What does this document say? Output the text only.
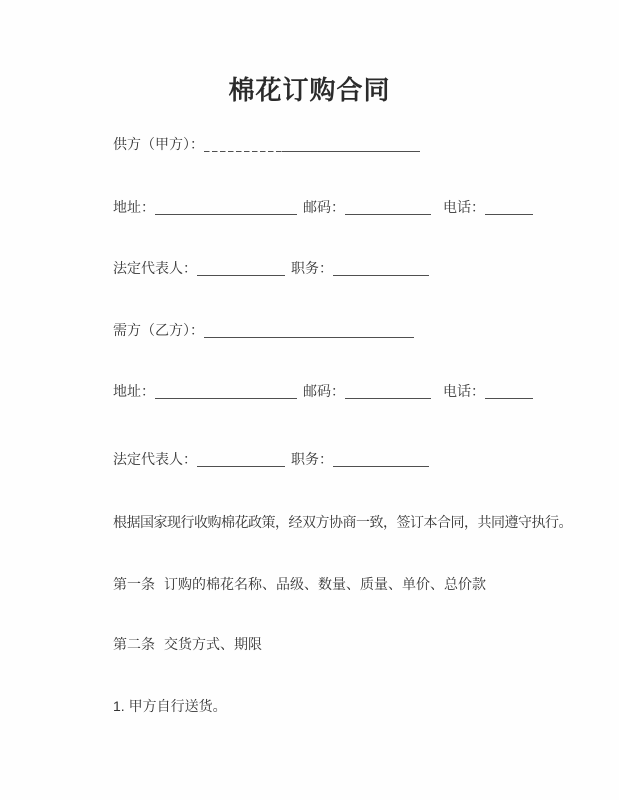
棉花订购合同
供方（甲方）：
地址：	邮码：	电话：
法定代表人：	职务：
需方（乙方）：
地址：	邮码：	电话：
法定代表人：	职务：
根据国家现行收购棉花政策，经双方协商一致，签订本合同，共同遵守执行。
第一条 订购的棉花名称、品级、数量、质量、单价、总价款
第二条 交货方式、期限
1. 甲方自行送货。
